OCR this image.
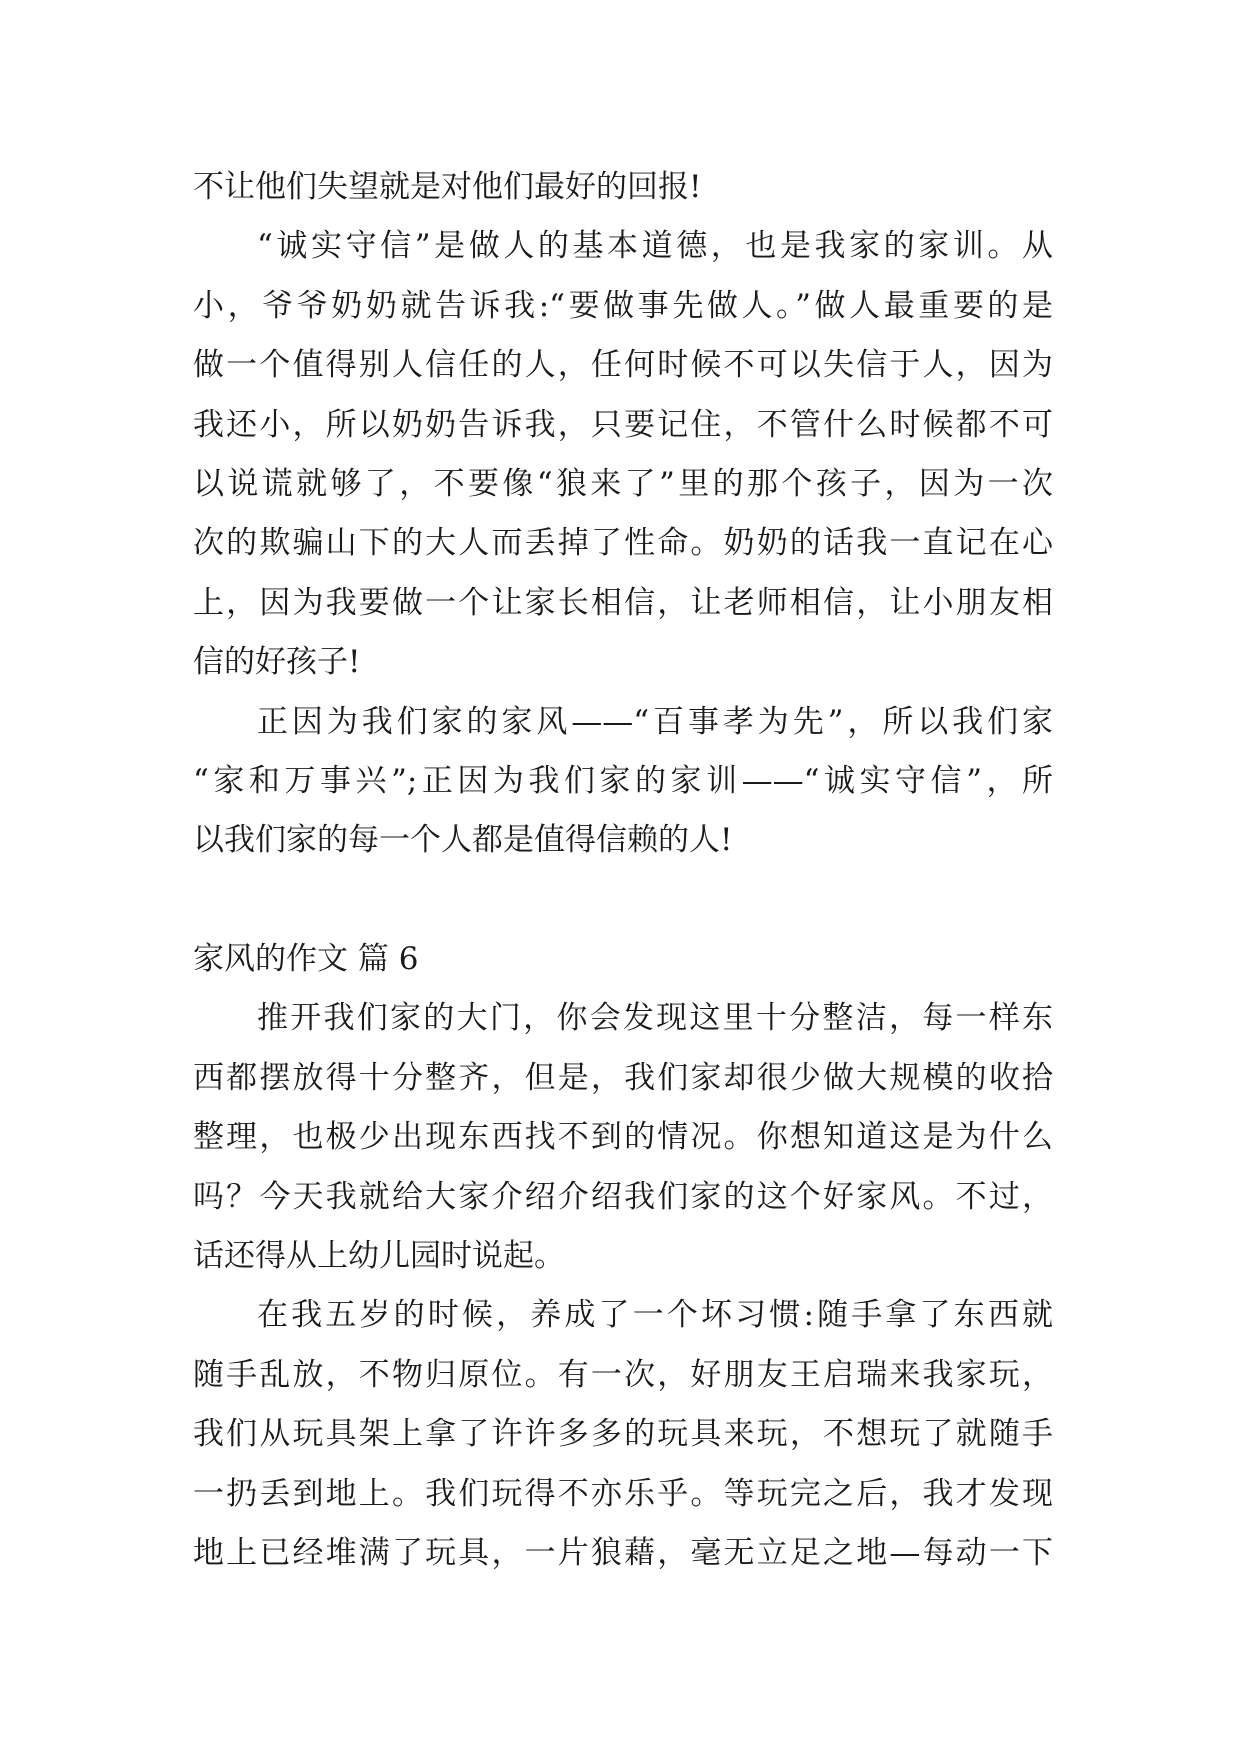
不让他们失望就是对他们最好的回报!
“诚实守信”是做人的基本道德，也是我家的家训。从
小，爷爷奶奶就告诉我:“要做事先做人。”做人最重要的是
做一个值得别人信任的人，任何时候不可以失信于人，因为
我还小，所以奶奶告诉我，只要记住，不管什么时候都不可
以说谎就够了，不要像“狼来了”里的那个孩子，因为一次
次的欺骗山下的大人而丢掉了性命。奶奶的话我一直记在心
上，因为我要做一个让家长相信，让老师相信，让小朋友相
信的好孩子!
正因为我们家的家风——“百事孝为先”，所以我们家
“家和万事兴”;正因为我们家的家训——“诚实守信”，所
以我们家的每一个人都是值得信赖的人!
家风的作文 篇 6
推开我们家的大门，你会发现这里十分整洁，每一样东
西都摆放得十分整齐，但是，我们家却很少做大规模的收拾
整理，也极少出现东西找不到的情况。你想知道这是为什么
吗？今天我就给大家介绍介绍我们家的这个好家风。不过，
话还得从上幼儿园时说起。
在我五岁的时候，养成了一个坏习惯:随手拿了东西就
随手乱放，不物归原位。有一次，好朋友王启瑞来我家玩，
我们从玩具架上拿了许许多多的玩具来玩，不想玩了就随手
一扔丢到地上。我们玩得不亦乐乎。等玩完之后，我才发现
地上已经堆满了玩具，一片狼藉，毫无立足之地—每动一下
